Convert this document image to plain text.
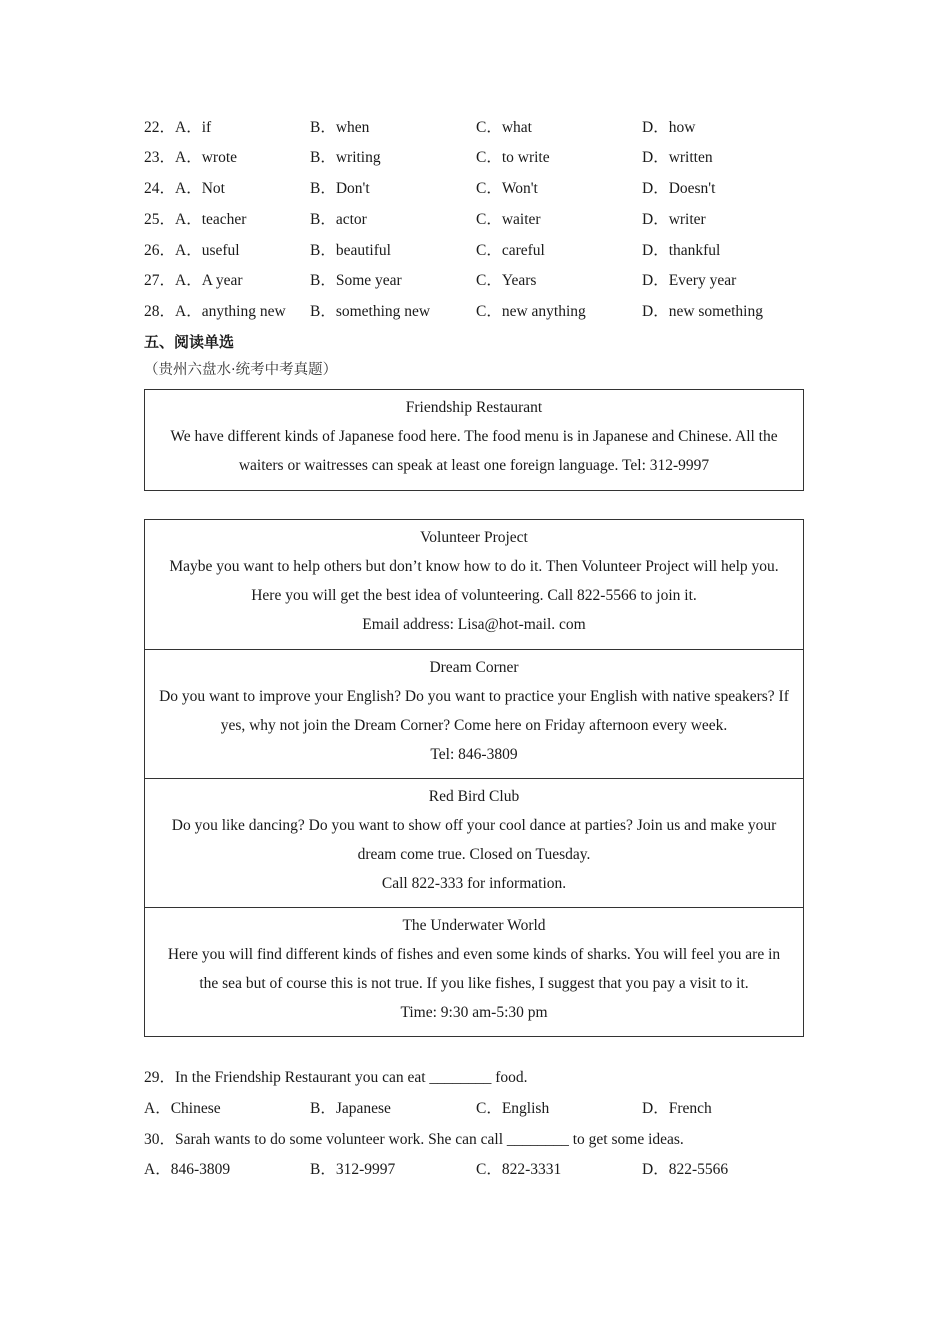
22．A．if	B．when	C．what	D．how
23．A．wrote	B．writing	C．to write	D．written
24．A．Not	B．Don't	C．Won't	D．Doesn't
25．A．teacher	B．actor	C．waiter	D．writer
26．A．useful	B．beautiful	C．careful	D．thankful
27．A．A year	B．Some year	C．Years	D．Every year
28．A．anything new B．something new	C．new anything	D．new something
五、阅读单选
（贵州六盘水·统考中考真题）
Friendship Restaurant
We have different kinds of Japanese food here. The food menu is in Japanese and Chinese. All the waiters or waitresses can speak at least one foreign language. Tel: 312-9997
Volunteer Project
Maybe you want to help others but don’t know how to do it. Then Volunteer Project will help you. Here you will get the best idea of volunteering. Call 822-5566 to join it.
Email address: Lisa@hot-mail. com
Dream Corner
Do you want to improve your English? Do you want to practice your English with native speakers? If yes, why not join the Dream Corner? Come here on Friday afternoon every week.
Tel: 846-3809
Red Bird Club
Do you like dancing? Do you want to show off your cool dance at parties? Join us and make your dream come true. Closed on Tuesday.
Call 822-333 for information.
The Underwater World
Here you will find different kinds of fishes and even some kinds of sharks. You will feel you are in the sea but of course this is not true. If you like fishes, I suggest that you pay a visit to it.
Time: 9:30 am-5:30 pm
29．In the Friendship Restaurant you can eat ________ food.
A．Chinese	B．Japanese	C．English	D．French
30．Sarah wants to do some volunteer work. She can call ________ to get some ideas.
A．846-3809	B．312-9997	C．822-3331	D．822-5566
